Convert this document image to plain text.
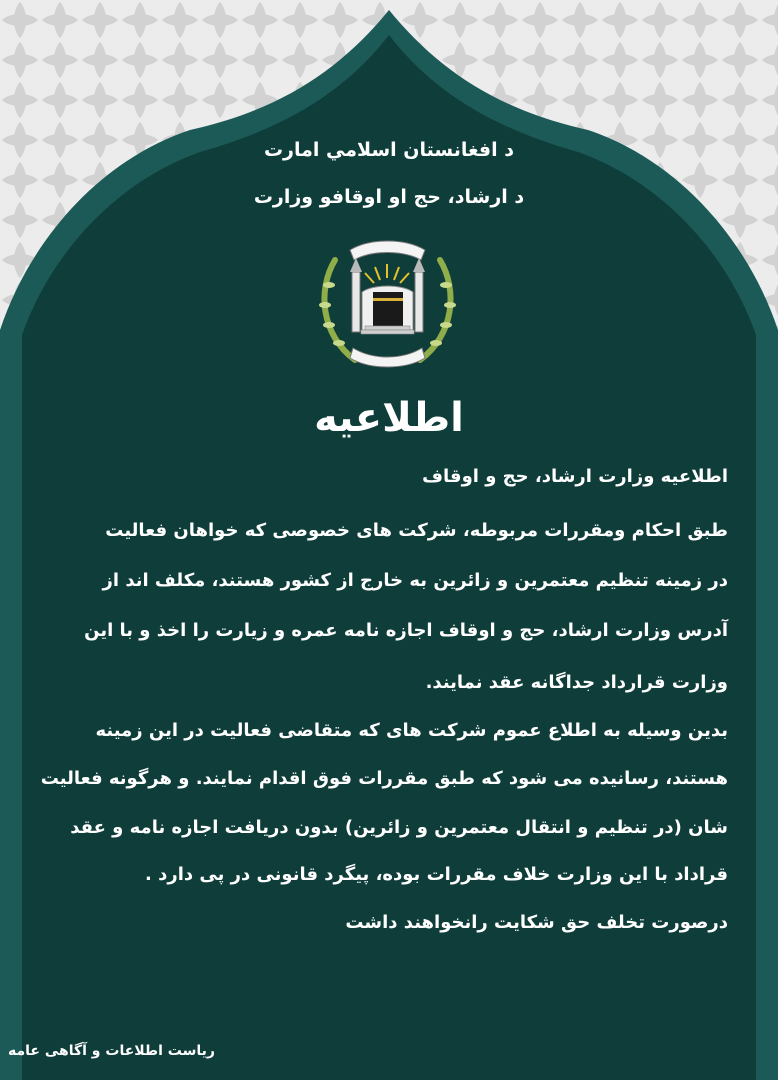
د افغانستان اسلامي امارت
د ارشاد، حج او اوقافو وزارت
اطلاعیه
اطلاعیه وزارت ارشاد، حج و اوقاف
طبق احکام ومقررات مربوطه، شرکت های خصوصی که خواهان فعالیت
در زمینه تنظیم معتمرین و زائرین به خارج از کشور هستند، مکلف اند از
آدرس وزارت ارشاد، حج و اوقاف اجازه نامه عمره و زیارت را اخذ و با این
وزارت قرارداد جداگانه عقد نمایند.
بدین وسیله به اطلاع عموم شرکت های که متقاضی فعالیت در این زمینه
هستند، رسانیده می شود که طبق مقررات فوق اقدام نمایند. و هرگونه فعالیت
شان (در تنظیم و انتقال معتمرین و زائرین) بدون دریافت اجازه نامه و عقد
قراداد با این وزارت خلاف مقررات بوده، پیگرد قانونی در پی دارد .
درصورت تخلف حق شکایت رانخواهند داشت
ریاست اطلاعات و آگاهی عامه
